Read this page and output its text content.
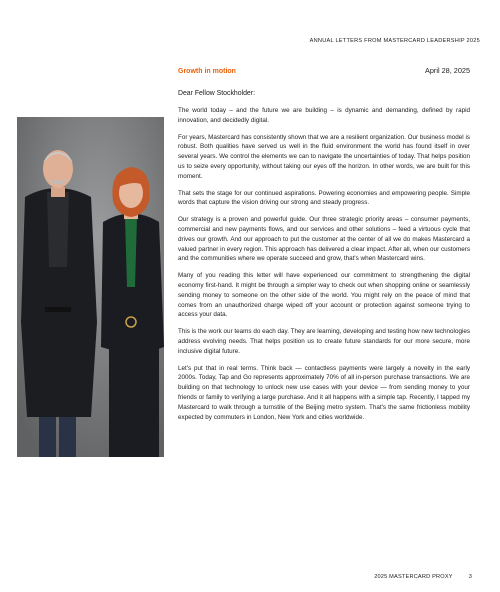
ANNUAL LETTERS FROM MASTERCARD LEADERSHIP 2025
Growth in motion	April 28, 2025

Dear Fellow Stockholder:

The world today – and the future we are building – is dynamic and demanding, defined by rapid innovation, and decidedly digital.

For years, Mastercard has consistently shown that we are a resilient organization. Our business model is robust. Both qualities have served us well in the fluid environment the world has found itself in over several years. We control the elements we can to navigate the uncertainties of today. That helps position us to seize every opportunity, without taking our eyes off the horizon. In other words, we are built for this moment.

That sets the stage for our continued aspirations. Powering economies and empowering people. Simple words that capture the vision driving our strong and steady progress.

Our strategy is a proven and powerful guide. Our three strategic priority areas – consumer payments, commercial and new payments flows, and our services and other solutions – feed a virtuous cycle that drives our growth. And our approach to put the customer at the center of all we do makes Mastercard a valued partner in every region. This approach has delivered a clear impact. After all, when our customers and the communities where we operate succeed and grow, that's when Mastercard wins.

Many of you reading this letter will have experienced our commitment to strengthening the digital economy first-hand. It might be through a simpler way to check out when shopping online or seamlessly sending money to someone on the other side of the world. You might rely on the peace of mind that comes from an unauthorized charge wiped off your account or protection against someone trying to access your data.

This is the work our teams do each day. They are learning, developing and testing how new technologies address evolving needs. That helps position us to create future standards for our more secure, more inclusive digital future.

Let's put that in real terms. Think back — contactless payments were largely a novelty in the early 2000s. Today, Tap and Go represents approximately 70% of all in-person purchase transactions. We are building on that technology to unlock new use cases with your device — from sending money to your friends or family to verifying a large purchase. And it all happens with a simple tap. Recently, I tapped my Mastercard to walk through a turnstile of the Beijing metro system. That's the same frictionless mobility expected by commuters in London, New York and cities worldwide.

2025 MASTERCARD PROXY	3
